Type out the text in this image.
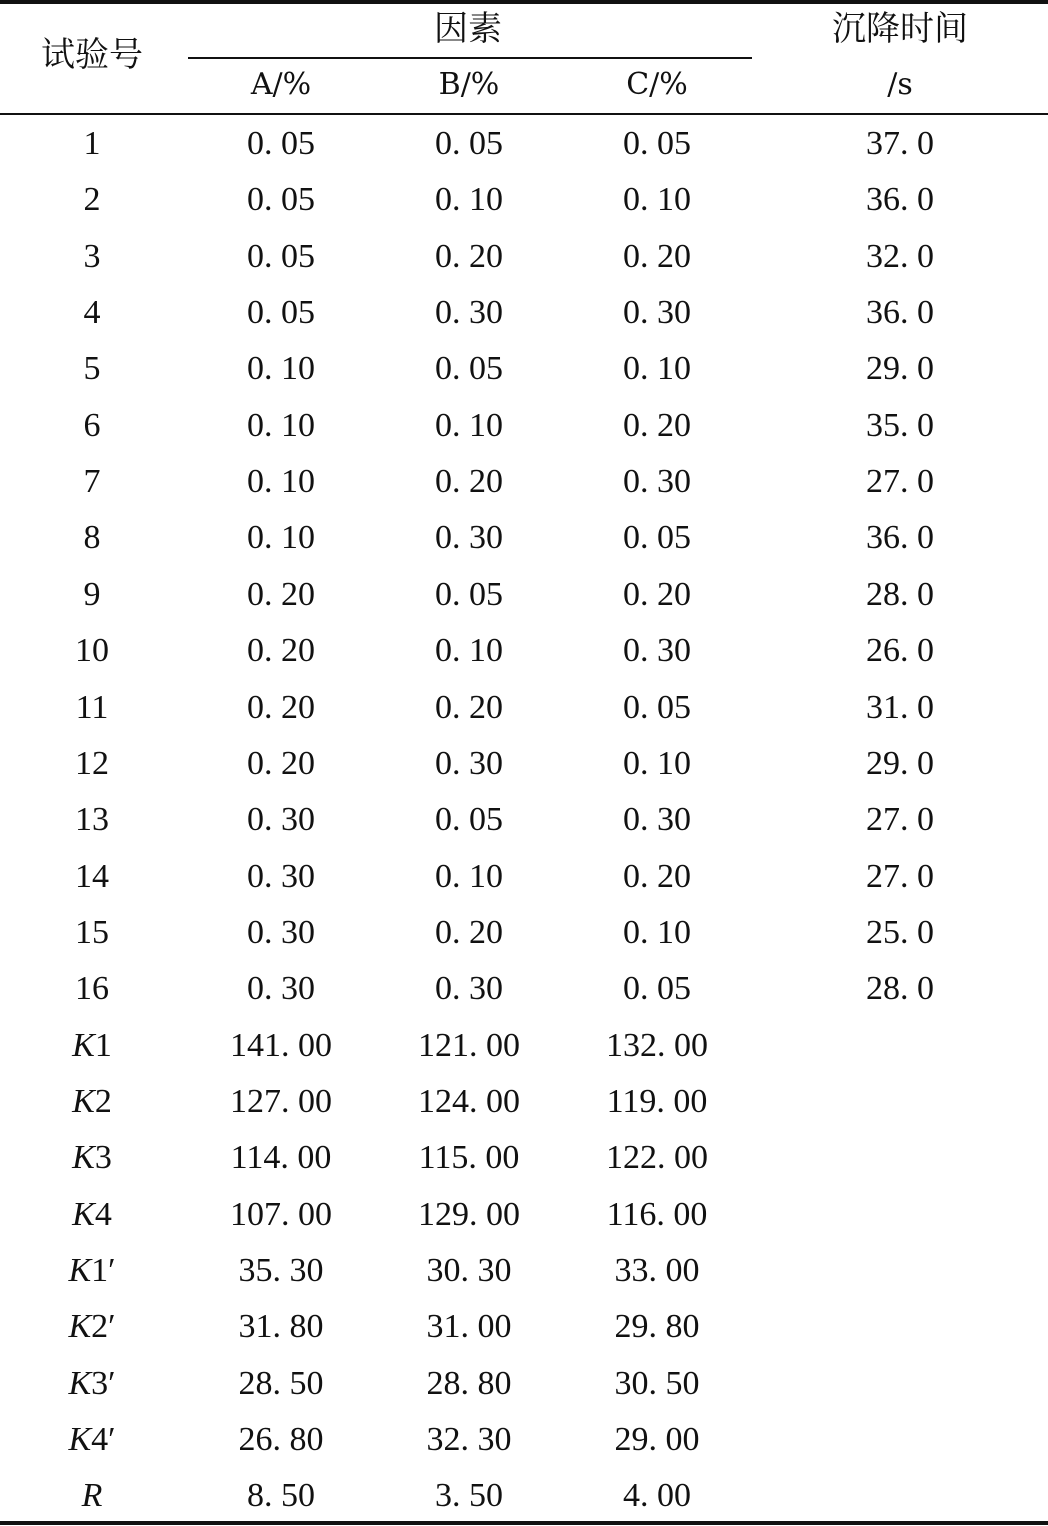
试验号
因素	沉降时间
A/%	B/%	C/%	/s
1	0. 05	0. 05	0. 05	37. 0
2	0. 05	0. 10	0. 10	36. 0
3	0. 05	0. 20	0. 20	32. 0
4	0. 05	0. 30	0. 30	36. 0
5	0. 10	0. 05	0. 10	29. 0
6	0. 10	0. 10	0. 20	35. 0
7	0. 10	0. 20	0. 30	27. 0
8	0. 10	0. 30	0. 05	36. 0
9	0. 20	0. 05	0. 20	28. 0
10	0. 20	0. 10	0. 30	26. 0
11	0. 20	0. 20	0. 05	31. 0
12	0. 20	0. 30	0. 10	29. 0
13	0. 30	0. 05	0. 30	27. 0
14	0. 30	0. 10	0. 20	27. 0
15	0. 30	0. 20	0. 10	25. 0
16	0. 30	0. 30	0. 05	28. 0
K1	141. 00	121. 00	132. 00
K2	127. 00	124. 00	119. 00
K3	114. 00	115. 00	122. 00
K4	107. 00	129. 00	116. 00
K1′	35. 30	30. 30	33. 00
K2′	31. 80	31. 00	29. 80
K3′	28. 50	28. 80	30. 50
K4′	26. 80	32. 30	29. 00
R	8. 50	3. 50	4. 00
